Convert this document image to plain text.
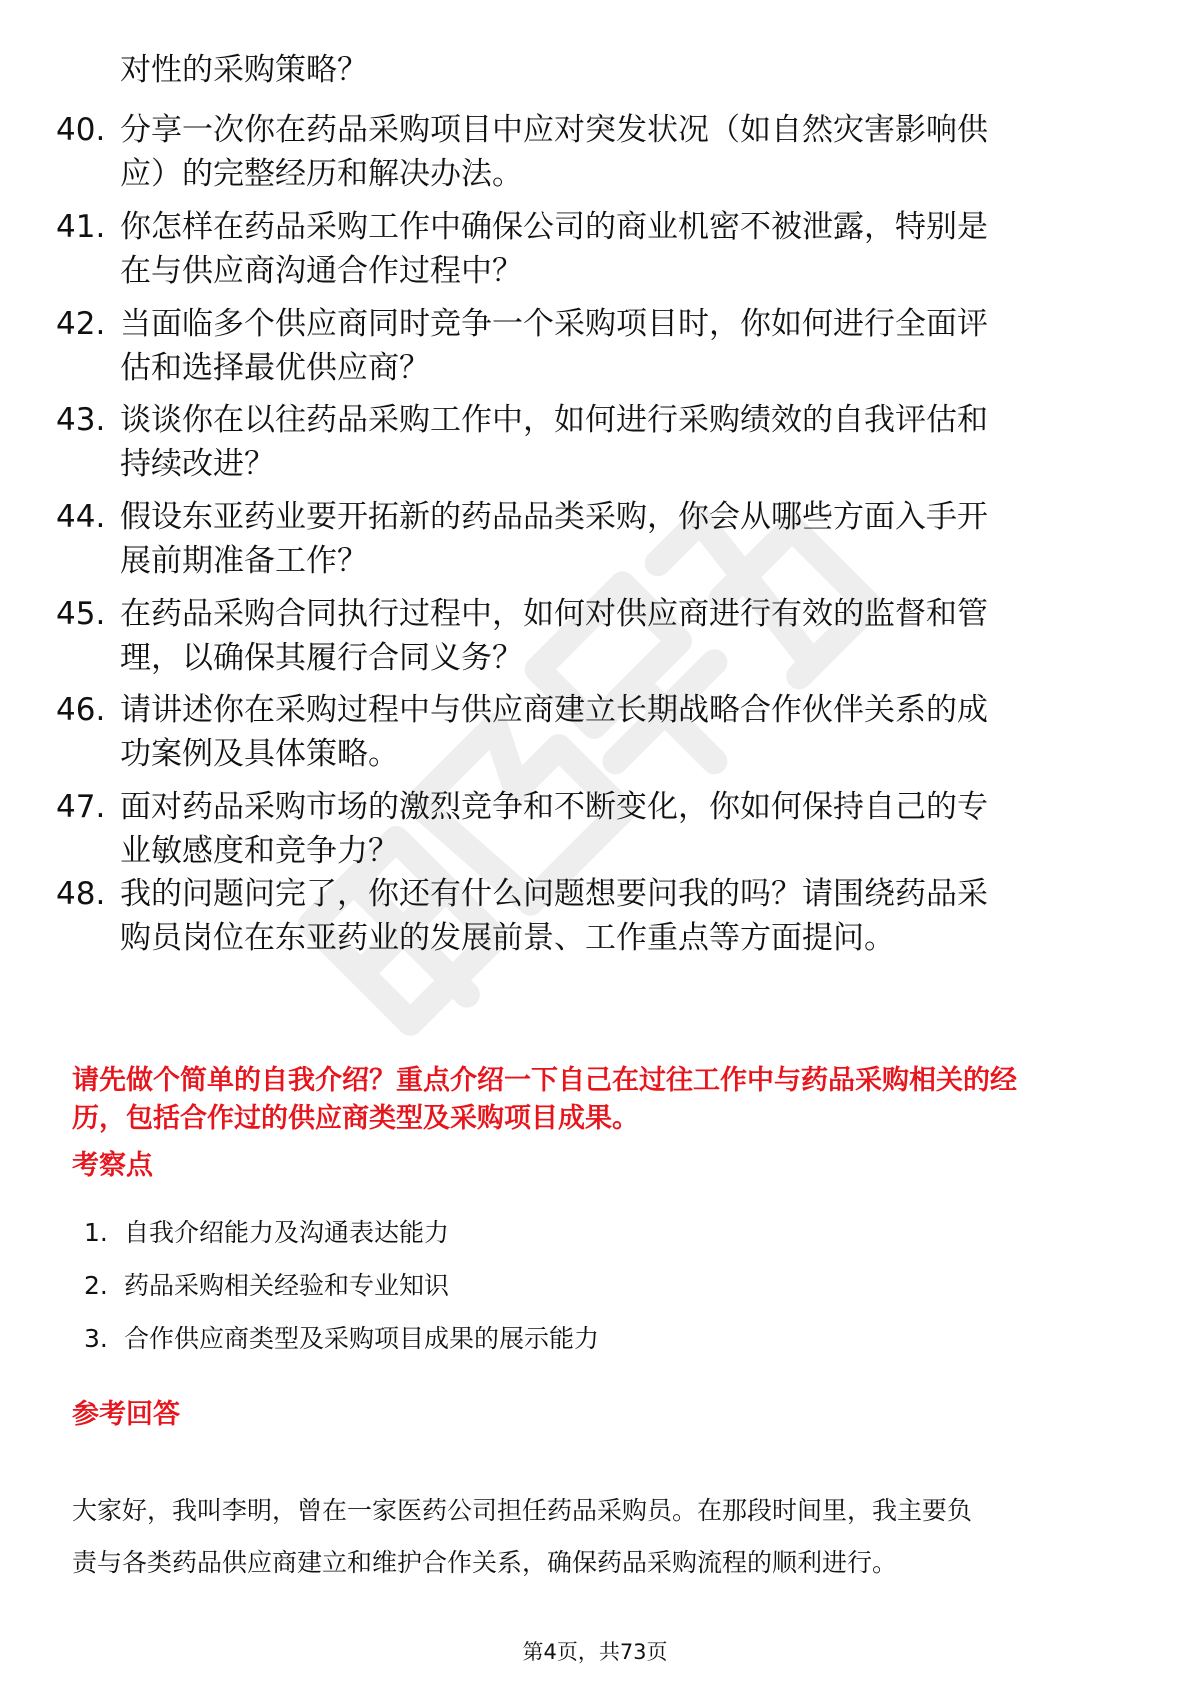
对性的采购策略？
40. 分享一次你在药品采购项目中应对突发状况（如自然灾害影响供
应）的完整经历和解决办法。
41. 你怎样在药品采购工作中确保公司的商业机密不被泄露，特别是
在与供应商沟通合作过程中？
42. 当面临多个供应商同时竞争一个采购项目时，你如何进行全面评
估和选择最优供应商？
43. 谈谈你在以往药品采购工作中，如何进行采购绩效的自我评估和
持续改进？
44. 假设东亚药业要开拓新的药品品类采购，你会从哪些方面入手开
展前期准备工作？
45. 在药品采购合同执行过程中，如何对供应商进行有效的监督和管
理，以确保其履行合同义务？
46. 请讲述你在采购过程中与供应商建立长期战略合作伙伴关系的成
功案例及具体策略。
47. 面对药品采购市场的激烈竞争和不断变化，你如何保持自己的专
业敏感度和竞争力？
48. 我的问题问完了，你还有什么问题想要问我的吗？请围绕药品采
购员岗位在东亚药业的发展前景、工作重点等方面提问。
请先做个简单的自我介绍？重点介绍一下自己在过往工作中与药品采购相关的经
历，包括合作过的供应商类型及采购项目成果。
考察点
1. 自我介绍能力及沟通表达能力
2. 药品采购相关经验和专业知识
3. 合作供应商类型及采购项目成果的展示能力
参考回答
大家好，我叫李明，曾在一家医药公司担任药品采购员。在那段时间里，我主要负
责与各类药品供应商建立和维护合作关系，确保药品采购流程的顺利进行。
第4页，共73页
